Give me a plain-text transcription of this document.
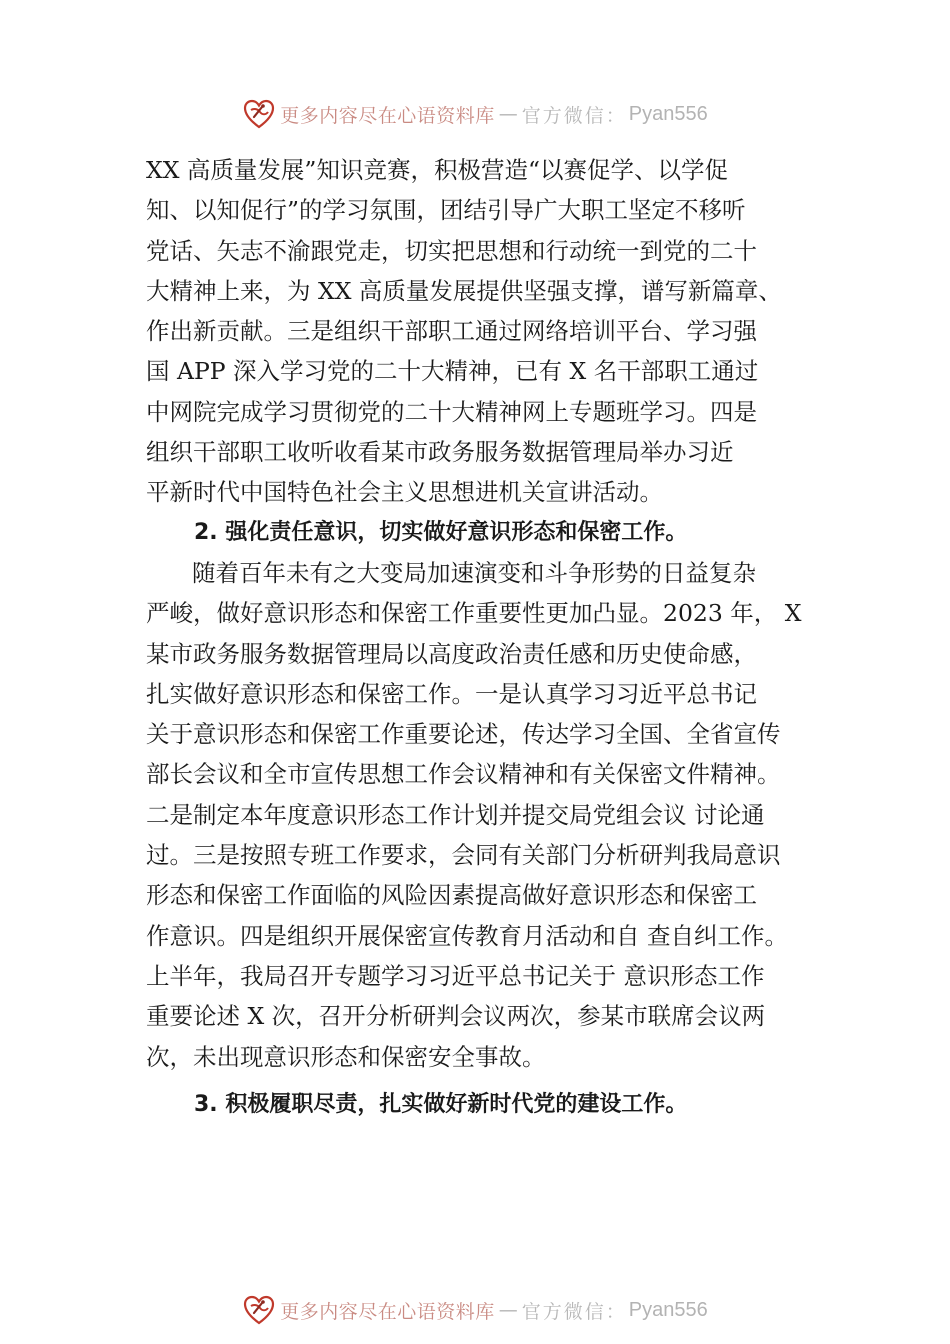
更多内容尽在心语资料库 — 官方微信： Pyan556
XX 高质量发展”知识竞赛，积极营造“以赛促学、以学促
知、以知促行”的学习氛围，团结引导广大职工坚定不移听
党话、矢志不渝跟党走，切实把思想和行动统一到党的二十
大精神上来，为 XX 高质量发展提供坚强支撑，谱写新篇章、
作出新贡献。三是组织干部职工通过网络培训平台、学习强
国 APP 深入学习党的二十大精神，已有 X 名干部职工通过
中网院完成学习贯彻党的二十大精神网上专题班学习。四是
组织干部职工收听收看某市政务服务数据管理局举办习近
平新时代中国特色社会主义思想进机关宣讲活动。
2. 强化责任意识，切实做好意识形态和保密工作。
随着百年未有之大变局加速演变和斗争形势的日益复杂
严峻，做好意识形态和保密工作重要性更加凸显。2023 年， X
某市政务服务数据管理局以高度政治责任感和历史使命感，
扎实做好意识形态和保密工作。一是认真学习习近平总书记
关于意识形态和保密工作重要论述，传达学习全国、全省宣传
部长会议和全市宣传思想工作会议精神和有关保密文件精神。
二是制定本年度意识形态工作计划并提交局党组会议 讨论通
过。三是按照专班工作要求，会同有关部门分析研判我局意识
形态和保密工作面临的风险因素提高做好意识形态和保密工
作意识。四是组织开展保密宣传教育月活动和自 查自纠工作。
上半年，我局召开专题学习习近平总书记关于 意识形态工作
重要论述 X 次，召开分析研判会议两次，参某市联席会议两
次，未出现意识形态和保密安全事故。
3. 积极履职尽责，扎实做好新时代党的建设工作。
更多内容尽在心语资料库 — 官方微信： Pyan556
